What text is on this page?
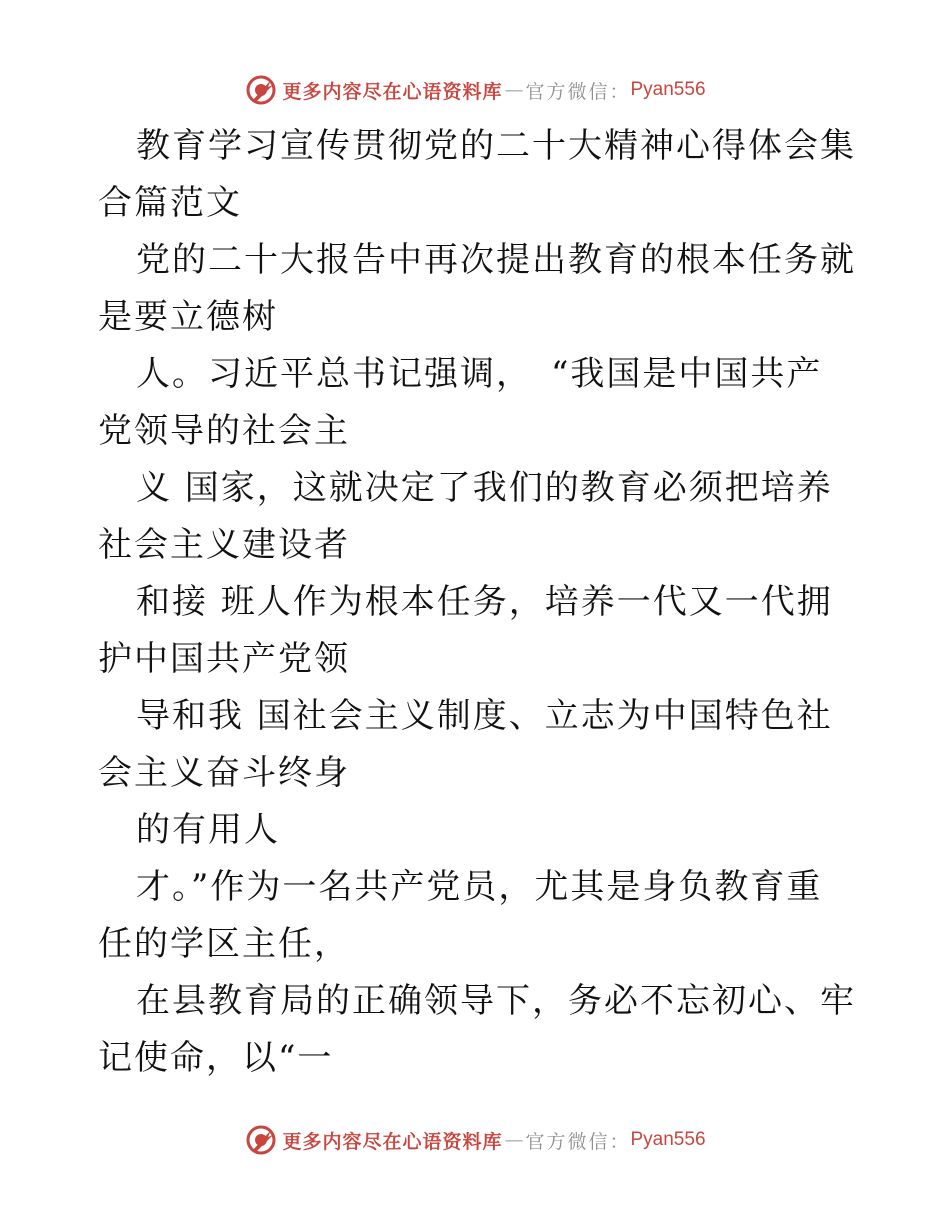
更多内容尽在心语资料库 — 官方微信： Pyan556

教育学习宣传贯彻党的二十大精神心得体会集合篇范文

党的二十大报告中再次提出教育的根本任务就是要立德树

人。习近平总书记强调，　“我国是中国共产党领导的社会主

义 国家，这就决定了我们的教育必须把培养社会主义建设者

和接 班人作为根本任务，培养一代又一代拥护中国共产党领

导和我 国社会主义制度、立志为中国特色社会主义奋斗终身

的有用人

才。”作为一名共产党员，尤其是身负教育重任的学区主任，

在县教育局的正确领导下，务必不忘初心、牢记使命，以“一

更多内容尽在心语资料库 — 官方微信： Pyan556
